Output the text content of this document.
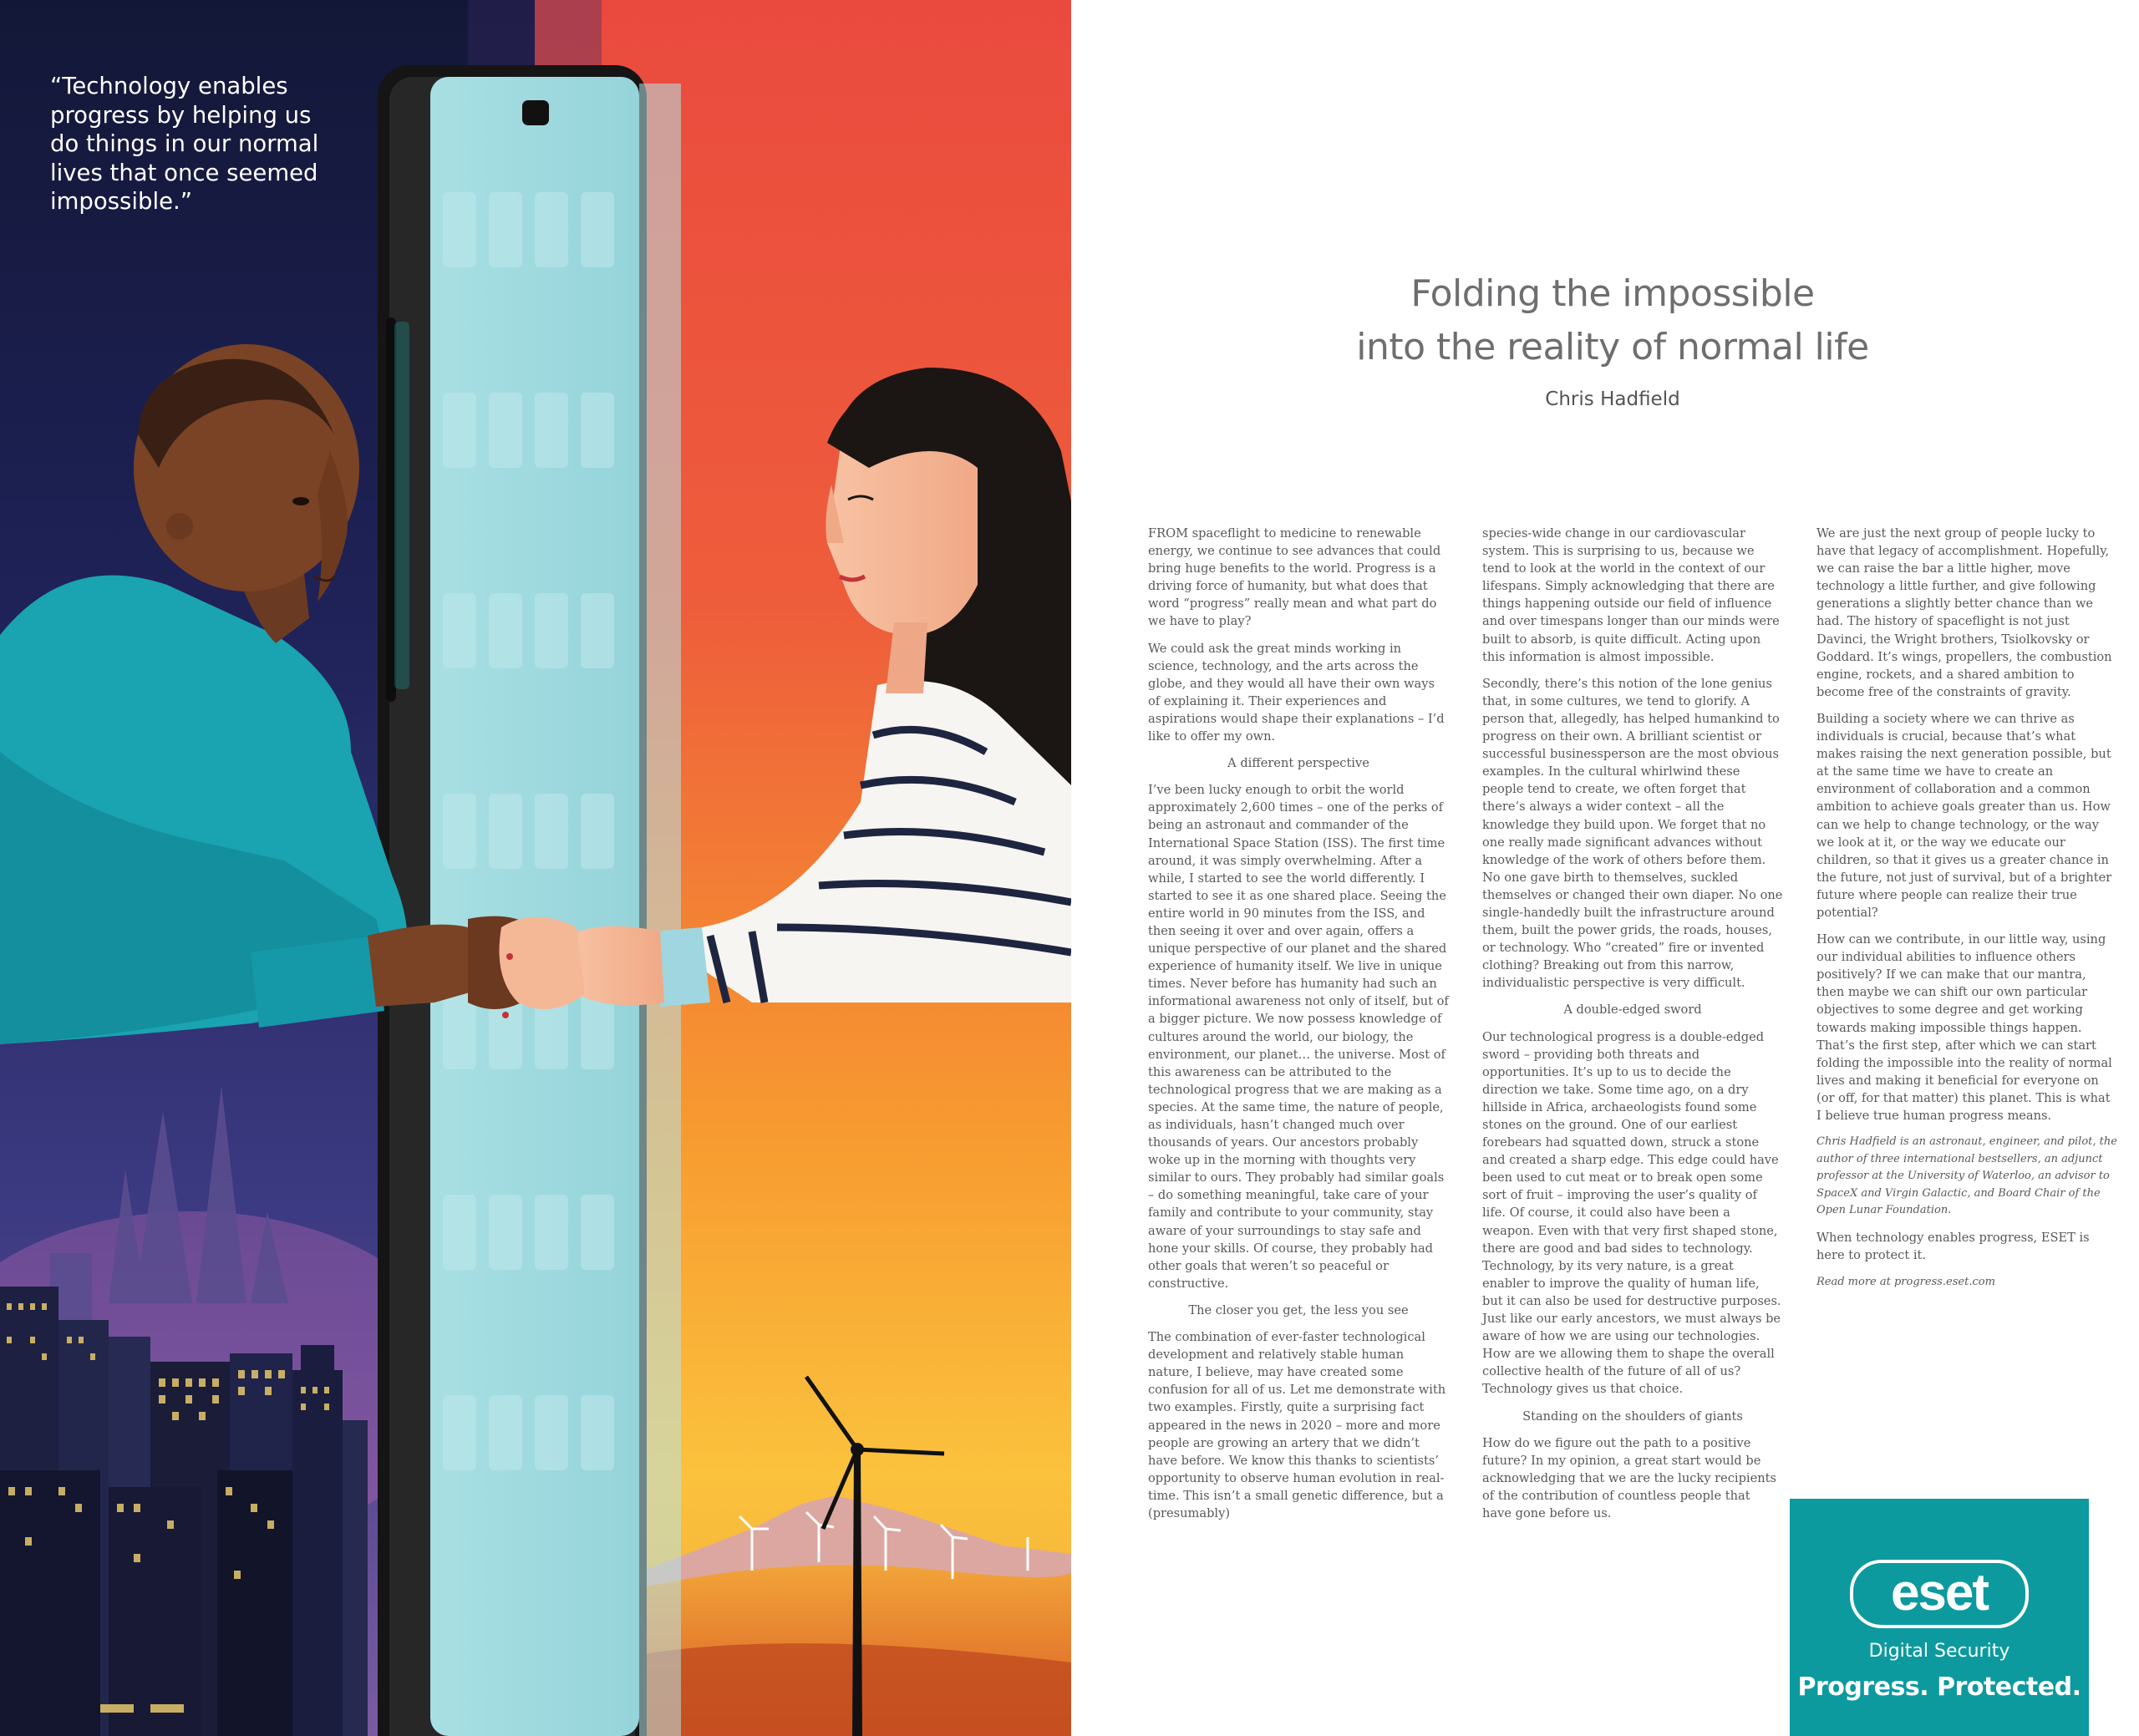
“Technology enables progress by helping us do things in our normal lives that once seemed impossible.”

Folding the impossible
into the reality of normal life
Chris Hadfield

FROM spaceflight to medicine to renewable energy, we continue to see advances that could bring huge benefits to the world. Progress is a driving force of humanity, but what does that word “progress” really mean and what part do we have to play?

We could ask the great minds working in science, technology, and the arts across the globe, and they would all have their own ways of explaining it. Their experiences and aspirations would shape their explanations – I’d like to offer my own.

A different perspective

I’ve been lucky enough to orbit the world approximately 2,600 times – one of the perks of being an astronaut and commander of the International Space Station (ISS). The first time around, it was simply overwhelming. After a while, I started to see the world differently. I started to see it as one shared place. Seeing the entire world in 90 minutes from the ISS, and then seeing it over and over again, offers a unique perspective of our planet and the shared experience of humanity itself. We live in unique times. Never before has humanity had such an informational awareness not only of itself, but of a bigger picture. We now possess knowledge of cultures around the world, our biology, the environment, our planet… the universe. Most of this awareness can be attributed to the technological progress that we are making as a species. At the same time, the nature of people, as individuals, hasn’t changed much over thousands of years. Our ancestors probably woke up in the morning with thoughts very similar to ours. They probably had similar goals – do something meaningful, take care of your family and contribute to your community, stay aware of your surroundings to stay safe and hone your skills. Of course, they probably had other goals that weren’t so peaceful or constructive.

The closer you get, the less you see

The combination of ever-faster technological development and relatively stable human nature, I believe, may have created some confusion for all of us. Let me demonstrate with two examples. Firstly, quite a surprising fact appeared in the news in 2020 – more and more people are growing an artery that we didn’t have before. We know this thanks to scientists’ opportunity to observe human evolution in real-time. This isn’t a small genetic difference, but a (presumably)

species-wide change in our cardiovascular system. This is surprising to us, because we tend to look at the world in the context of our lifespans. Simply acknowledging that there are things happening outside our field of influence and over timespans longer than our minds were built to absorb, is quite difficult. Acting upon this information is almost impossible.

Secondly, there’s this notion of the lone genius that, in some cultures, we tend to glorify. A person that, allegedly, has helped humankind to progress on their own. A brilliant scientist or successful businessperson are the most obvious examples. In the cultural whirlwind these people tend to create, we often forget that there’s always a wider context – all the knowledge they build upon. We forget that no one really made significant advances without knowledge of the work of others before them. No one gave birth to themselves, suckled themselves or changed their own diaper. No one single-handedly built the infrastructure around them, built the power grids, the roads, houses, or technology. Who “created” fire or invented clothing? Breaking out from this narrow, individualistic perspective is very difficult.

A double-edged sword

Our technological progress is a double-edged sword – providing both threats and opportunities. It’s up to us to decide the direction we take. Some time ago, on a dry hillside in Africa, archaeologists found some stones on the ground. One of our earliest forebears had squatted down, struck a stone and created a sharp edge. This edge could have been used to cut meat or to break open some sort of fruit – improving the user’s quality of life. Of course, it could also have been a weapon. Even with that very first shaped stone, there are good and bad sides to technology. Technology, by its very nature, is a great enabler to improve the quality of human life, but it can also be used for destructive purposes. Just like our early ancestors, we must always be aware of how we are using our technologies. How are we allowing them to shape the overall collective health of the future of all of us? Technology gives us that choice.

Standing on the shoulders of giants

How do we figure out the path to a positive future? In my opinion, a great start would be acknowledging that we are the lucky recipients of the contribution of countless people that have gone before us.

We are just the next group of people lucky to have that legacy of accomplishment. Hopefully, we can raise the bar a little higher, move technology a little further, and give following generations a slightly better chance than we had. The history of spaceflight is not just Davinci, the Wright brothers, Tsiolkovsky or Goddard. It’s wings, propellers, the combustion engine, rockets, and a shared ambition to become free of the constraints of gravity.

Building a society where we can thrive as individuals is crucial, because that’s what makes raising the next generation possible, but at the same time we have to create an environment of collaboration and a common ambition to achieve goals greater than us. How can we help to change technology, or the way we look at it, or the way we educate our children, so that it gives us a greater chance in the future, not just of survival, but of a brighter future where people can realize their true potential?

How can we contribute, in our little way, using our individual abilities to influence others positively? If we can make that our mantra, then maybe we can shift our own particular objectives to some degree and get working towards making impossible things happen. That’s the first step, after which we can start folding the impossible into the reality of normal lives and making it beneficial for everyone on (or off, for that matter) this planet. This is what I believe true human progress means.

Chris Hadfield is an astronaut, engineer, and pilot, the author of three international bestsellers, an adjunct professor at the University of Waterloo, an advisor to SpaceX and Virgin Galactic, and Board Chair of the Open Lunar Foundation.

When technology enables progress, ESET is here to protect it.

Read more at progress.eset.com

eset
Digital Security
Progress. Protected.
